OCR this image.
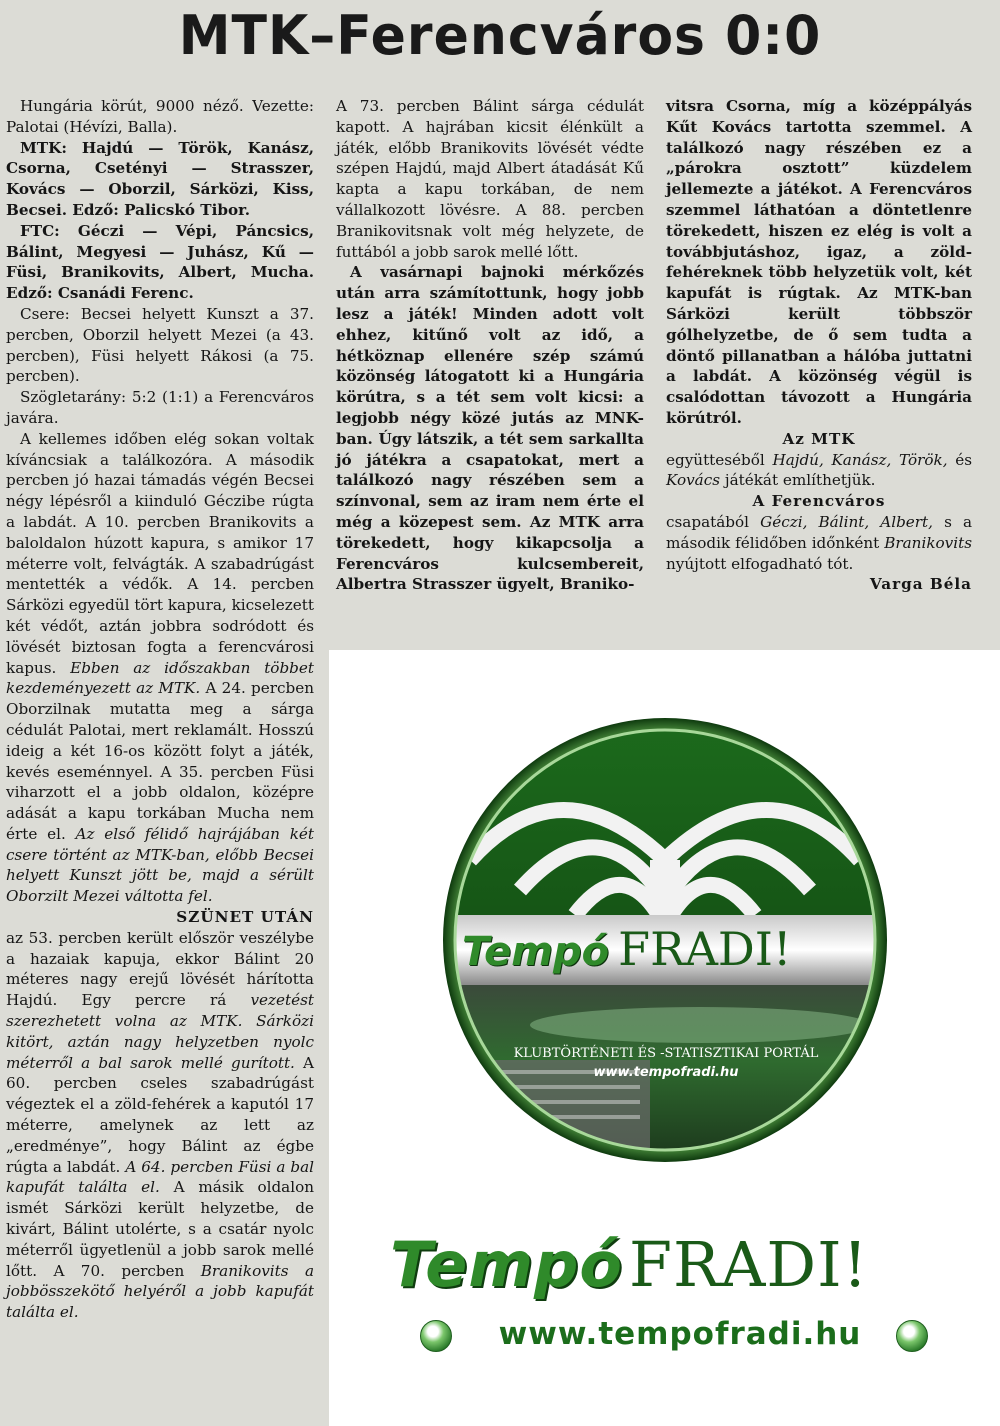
MTK–Ferencváros 0:0

Hungária körút, 9000 néző. Vezette: Palotai (Hévízi, Balla).

MTK: Hajdú — Török, Kanász, Csorna, Csetényi — Strasszer, Kovács — Oborzil, Sárközi, Kiss, Becsei. Edző: Palicskó Tibor.

FTC: Géczi — Vépi, Páncsics, Bálint, Megyesi — Juhász, Kű — Füsi, Branikovits, Albert, Mucha. Edző: Csanádi Ferenc.

Csere: Becsei helyett Kunszt a 37. percben, Oborzil helyett Mezei (a 43. percben), Füsi helyett Rákosi (a 75. percben).

Szögletarány: 5:2 (1:1) a Ferencváros javára.

A kellemes időben elég sokan voltak kíváncsiak a találkozóra. A második percben jó hazai támadás végén Becsei négy lépésről a kiinduló Géczibe rúgta a labdát. A 10. percben Branikovits a baloldalon húzott kapura, s amikor 17 méterre volt, felvágták. A szabadrúgást mentették a védők. A 14. percben Sárközi egyedül tört kapura, kicselezett két védőt, aztán jobbra sodródott és lövését biztosan fogta a ferencvárosi kapus. Ebben az időszakban többet kezdeményezett az MTK. A 24. percben Oborzilnak mutatta meg a sárga cédulát Palotai, mert reklamált. Hosszú ideig a két 16-os között folyt a játék, kevés eseménnyel. A 35. percben Füsi viharzott el a jobb oldalon, középre adását a kapu torkában Mucha nem érte el. Az első félidő hajrájában két csere történt az MTK-ban, előbb Becsei helyett Kunszt jött be, majd a sérült Oborzilt Mezei váltotta fel.

SZÜNET UTÁN

az 53. percben került először veszélybe a hazaiak kapuja, ekkor Bálint 20 méteres nagy erejű lövését hárította Hajdú. Egy percre rá vezetést szerezhetett volna az MTK. Sárközi kitört, aztán nagy helyzetben nyolc méterről a bal sarok mellé gurított. A 60. percben cseles szabadrúgást végeztek el a zöld-fehérek a kaputól 17 méterre, amelynek az lett az „eredménye”, hogy Bálint az égbe rúgta a labdát. A 64. percben Füsi a bal kapufát találta el. A másik oldalon ismét Sárközi került helyzetbe, de kivárt, Bálint utolérte, s a csatár nyolc méterről ügyetlenül a jobb sarok mellé lőtt. A 70. percben Branikovits a jobbösszekötő helyéről a jobb kapufát találta el.

A 73. percben Bálint sárga cédulát kapott. A hajrában kicsit élénkült a játék, előbb Branikovits lövését védte szépen Hajdú, majd Albert átadását Kű kapta a kapu torkában, de nem vállalkozott lövésre. A 88. percben Branikovitsnak volt még helyzete, de futtából a jobb sarok mellé lőtt.

A vasárnapi bajnoki mérkőzés után arra számítottunk, hogy jobb lesz a játék! Minden adott volt ehhez, kitűnő volt az idő, a hétköznap ellenére szép számú közönség látogatott ki a Hungária körútra, s a tét sem volt kicsi: a legjobb négy közé jutás az MNK-ban. Úgy látszik, a tét sem sarkallta jó játékra a csapatokat, mert a találkozó nagy részében sem a színvonal, sem az iram nem érte el még a közepest sem. Az MTK arra törekedett, hogy kikapcsolja a Ferencváros kulcsembereit, Albertra Strasszer ügyelt, Braniko-

vitsra Csorna, míg a középpályás Kűt Kovács tartotta szemmel. A találkozó nagy részében ez a „párokra osztott” küzdelem jellemezte a játékot. A Ferencváros szemmel láthatóan a döntetlenre törekedett, hiszen ez elég is volt a továbbjutáshoz, igaz, a zöld-fehéreknek több helyzetük volt, két kapufát is rúgtak. Az MTK-ban Sárközi került többször gólhelyzetbe, de ő sem tudta a döntő pillanatban a hálóba juttatni a labdát. A közönség végül is csalódottan távozott a Hungária körútról.

Az MTK

együtteséből Hajdú, Kanász, Török, és Kovács játékát említhetjük.

A Ferencváros

csapatából Géczi, Bálint, Albert, s a második félidőben időnként Branikovits nyújtott elfogadható tót.

Varga Béla

Tempó FRADI!
KLUBTÖRTÉNETI ÉS -STATISZTIKAI PORTÁL
www.tempofradi.hu
TempóFRADI!
www.tempofradi.hu
